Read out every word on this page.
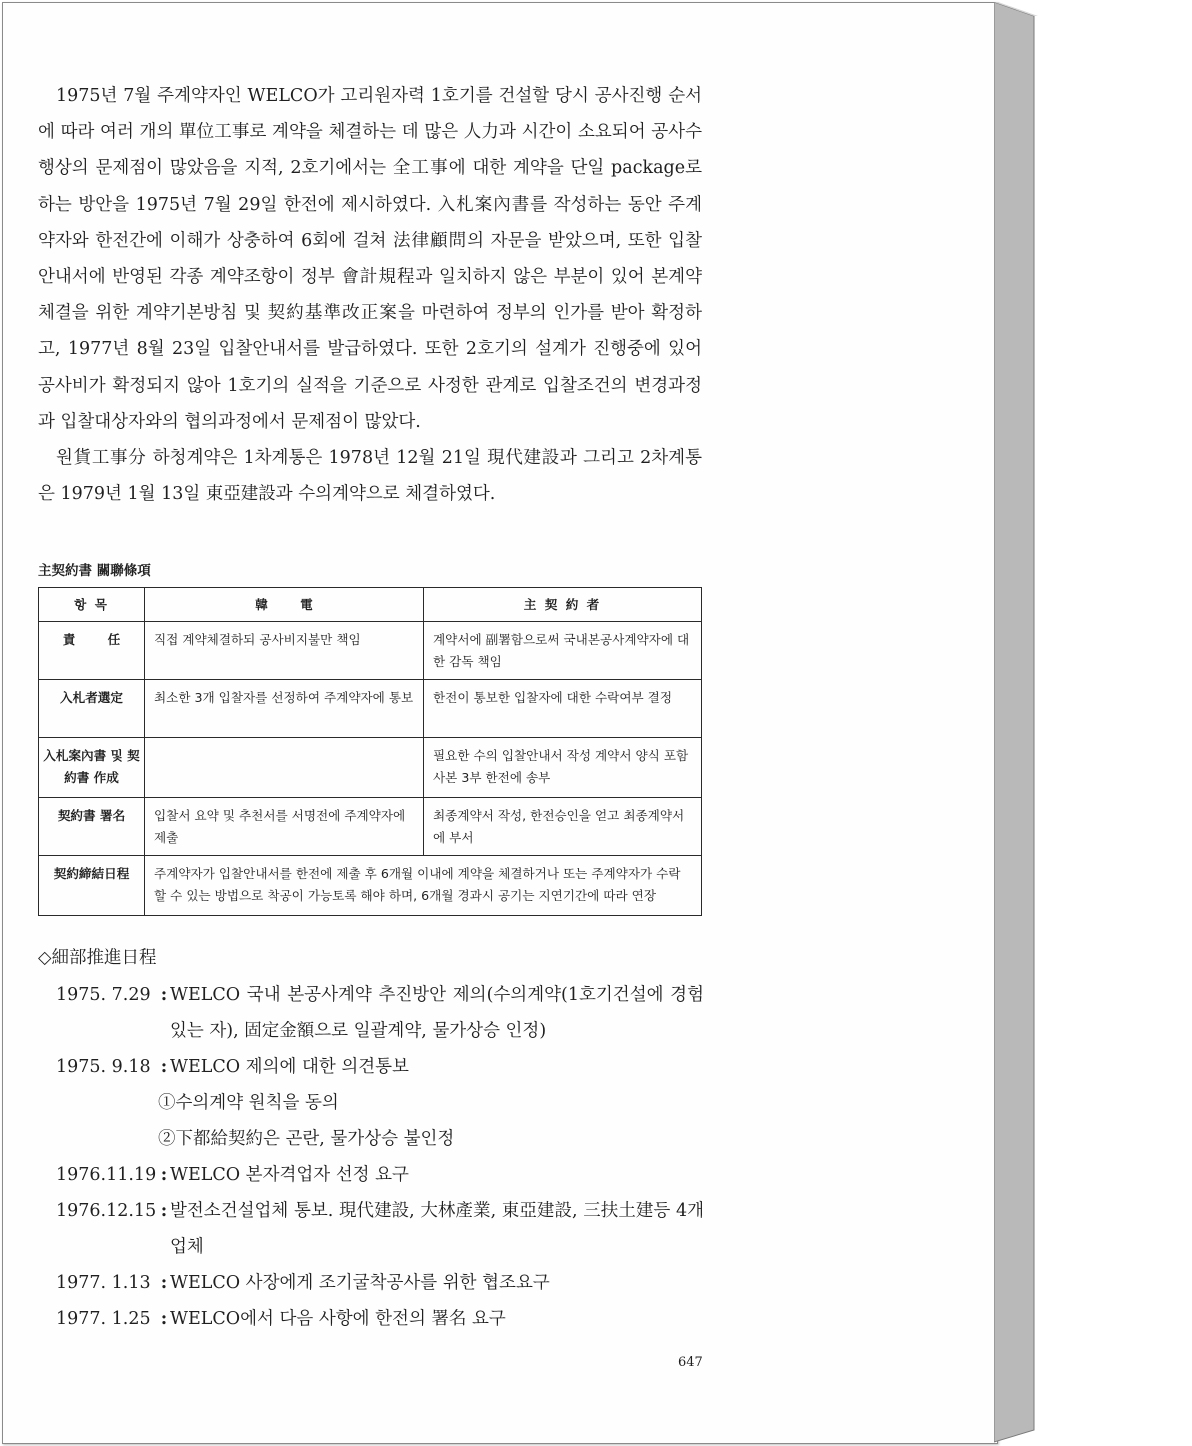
1975년 7월 주계약자인 WELCO가 고리원자력 1호기를 건설할 당시 공사진행 순서에 따라 여러 개의 單位工事로 계약을 체결하는 데 많은 人力과 시간이 소요되어 공사수행상의 문제점이 많았음을 지적, 2호기에서는 全工事에 대한 계약을 단일 package로 하는 방안을 1975년 7월 29일 한전에 제시하였다. 入札案內書를 작성하는 동안 주계약자와 한전간에 이해가 상충하여 6회에 걸쳐 法律顧問의 자문을 받았으며, 또한 입찰안내서에 반영된 각종 계약조항이 정부 會計規程과 일치하지 않은 부분이 있어 본계약체결을 위한 계약기본방침 및 契約基準改正案을 마련하여 정부의 인가를 받아 확정하고, 1977년 8월 23일 입찰안내서를 발급하였다. 또한 2호기의 설계가 진행중에 있어 공사비가 확정되지 않아 1호기의 실적을 기준으로 사정한 관계로 입찰조건의 변경과정과 입찰대상자와의 협의과정에서 문제점이 많았다.

원貨工事分 하청계약은 1차계통은 1978년 12월 21일 現代建設과 그리고 2차계통은 1979년 1월 13일 東亞建設과 수의계약으로 체결하였다.

主契約書 關聯條項
항 목	韓 電	主 契 約 者
責 任	직접 계약체결하되 공사비지불만 책임	계약서에 副署함으로써 국내본공사계약자에 대한 감독 책임
入札者選定	최소한 3개 입찰자를 선정하여 주계약자에 통보	한전이 통보한 입찰자에 대한 수락여부 결정
入札案內書 및 契約書 作成		필요한 수의 입찰안내서 작성 계약서 양식 포함 사본 3부 한전에 송부
契約書 署名	입찰서 요약 및 추천서를 서명전에 주계약자에 제출	최종계약서 작성, 한전승인을 얻고 최종계약서에 부서
契約締結日程	주계약자가 입찰안내서를 한전에 제출 후 6개월 이내에 계약을 체결하거나 또는 주계약자가 수락할 수 있는 방법으로 착공이 가능토록 해야 하며, 6개월 경과시 공기는 지연기간에 따라 연장	
◇細部推進日程
1975. 7.29 : WELCO 국내 본공사계약 추진방안 제의(수의계약(1호기건설에 경험있는 자), 固定金額으로 일괄계약, 물가상승 인정)
1975. 9.18 : WELCO 제의에 대한 의견통보
①수의계약 원칙을 동의
②下都給契約은 곤란, 물가상승 불인정
1976.11.19 : WELCO 본자격업자 선정 요구
1976.12.15 : 발전소건설업체 통보. 現代建設, 大林產業, 東亞建設, 三扶土建등 4개업체
1977. 1.13 : WELCO 사장에게 조기굴착공사를 위한 협조요구
1977. 1.25 : WELCO에서 다음 사항에 한전의 署名 요구
647
